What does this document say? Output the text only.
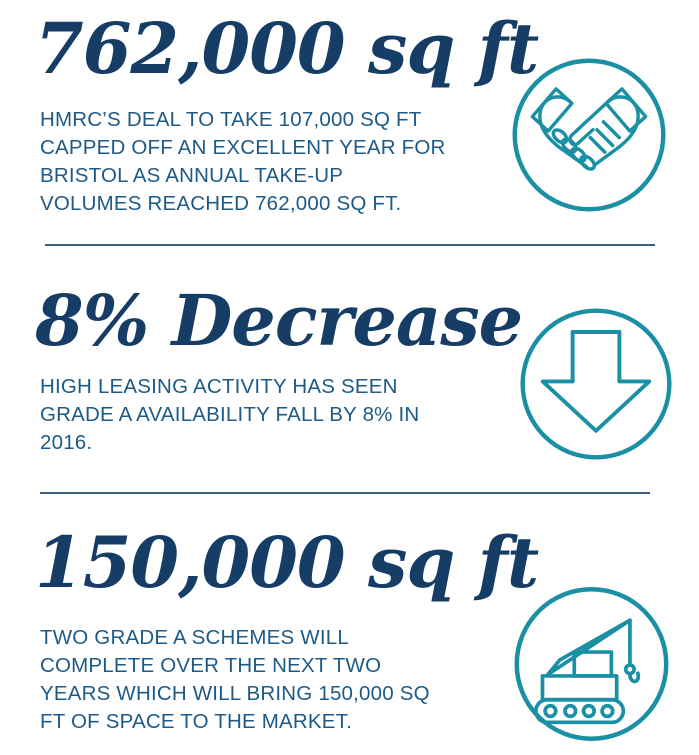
762,000 sq ft
HMRC’S DEAL TO TAKE 107,000 SQ FT
CAPPED OFF AN EXCELLENT YEAR FOR
BRISTOL AS ANNUAL TAKE-UP
VOLUMES REACHED 762,000 SQ FT.
8% Decrease
HIGH LEASING ACTIVITY HAS SEEN
GRADE A AVAILABILITY FALL BY 8% IN
2016.
150,000 sq ft
TWO GRADE A SCHEMES WILL
COMPLETE OVER THE NEXT TWO
YEARS WHICH WILL BRING 150,000 SQ
FT OF SPACE TO THE MARKET.
